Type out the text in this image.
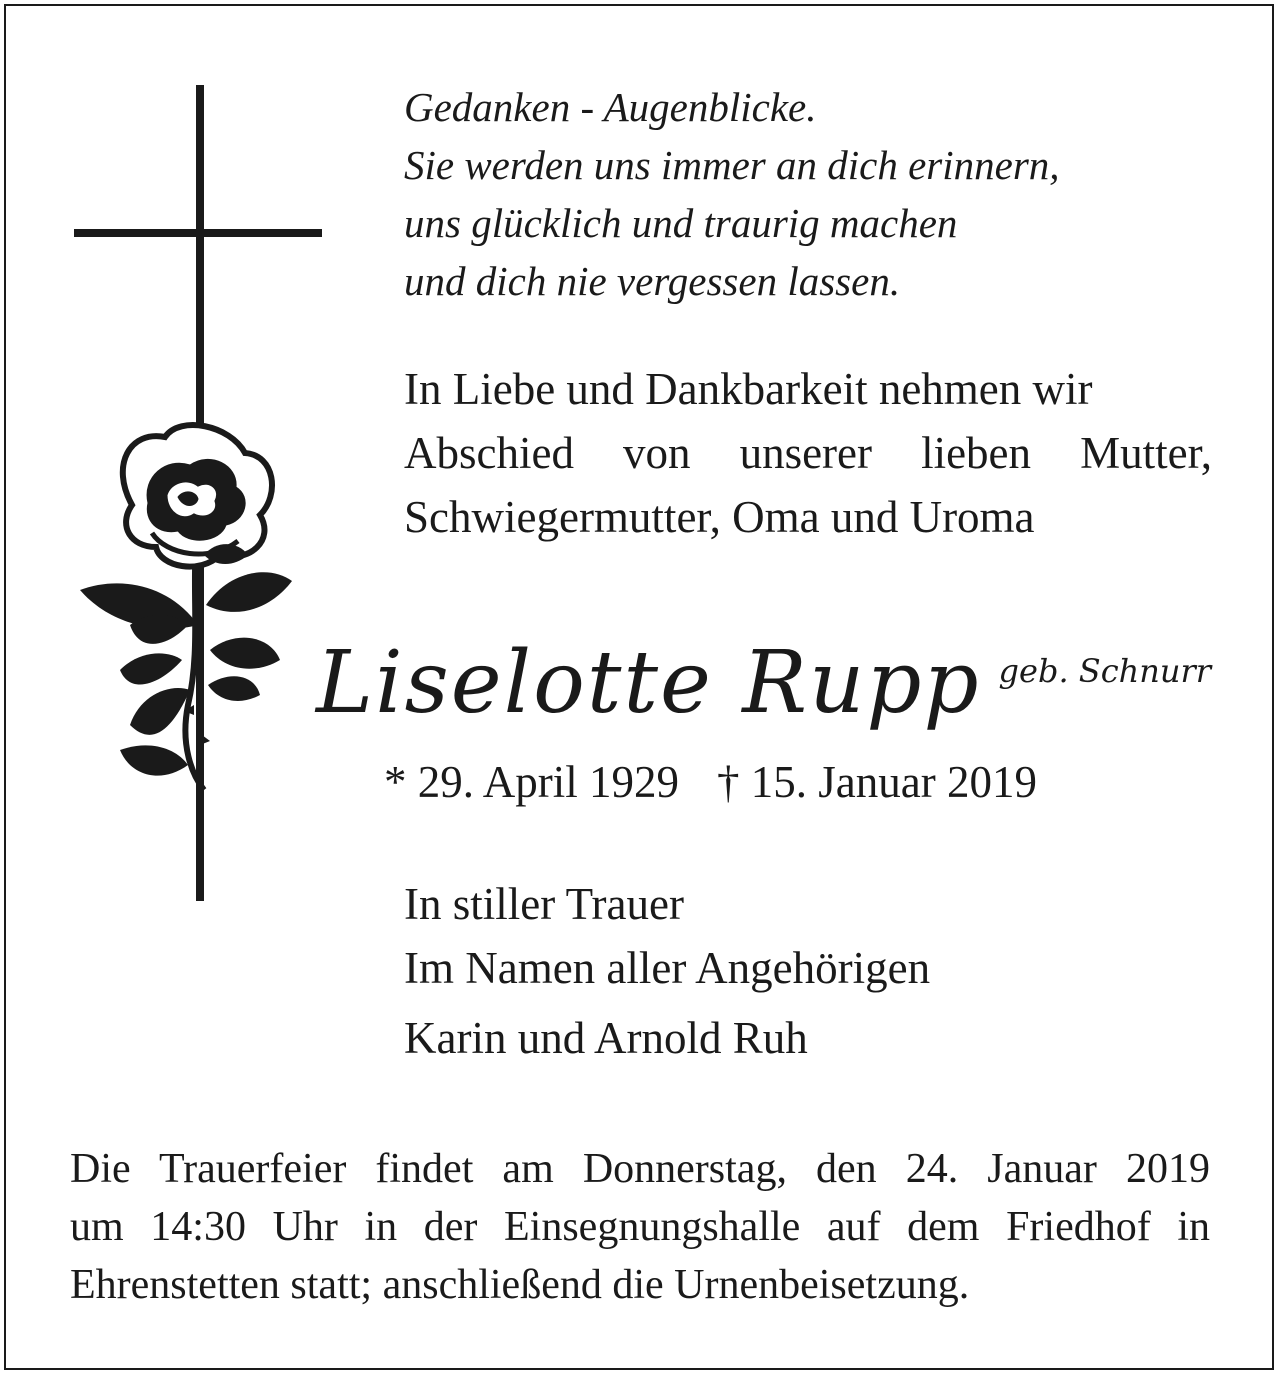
Gedanken - Augenblicke.
Sie werden uns immer an dich erinnern,
uns glücklich und traurig machen
und dich nie vergessen lassen.
In Liebe und Dankbarkeit nehmen wir
Abschied von unserer lieben Mutter,
Schwiegermutter, Oma und Uroma
Liselotte Rupp geb. Schnurr
* 29. April 1929 † 15. Januar 2019
In stiller Trauer
Im Namen aller Angehörigen
Karin und Arnold Ruh
Die Trauerfeier findet am Donnerstag, den 24. Januar 2019
um 14:30 Uhr in der Einsegnungshalle auf dem Friedhof in
Ehrenstetten statt; anschließend die Urnenbeisetzung.
